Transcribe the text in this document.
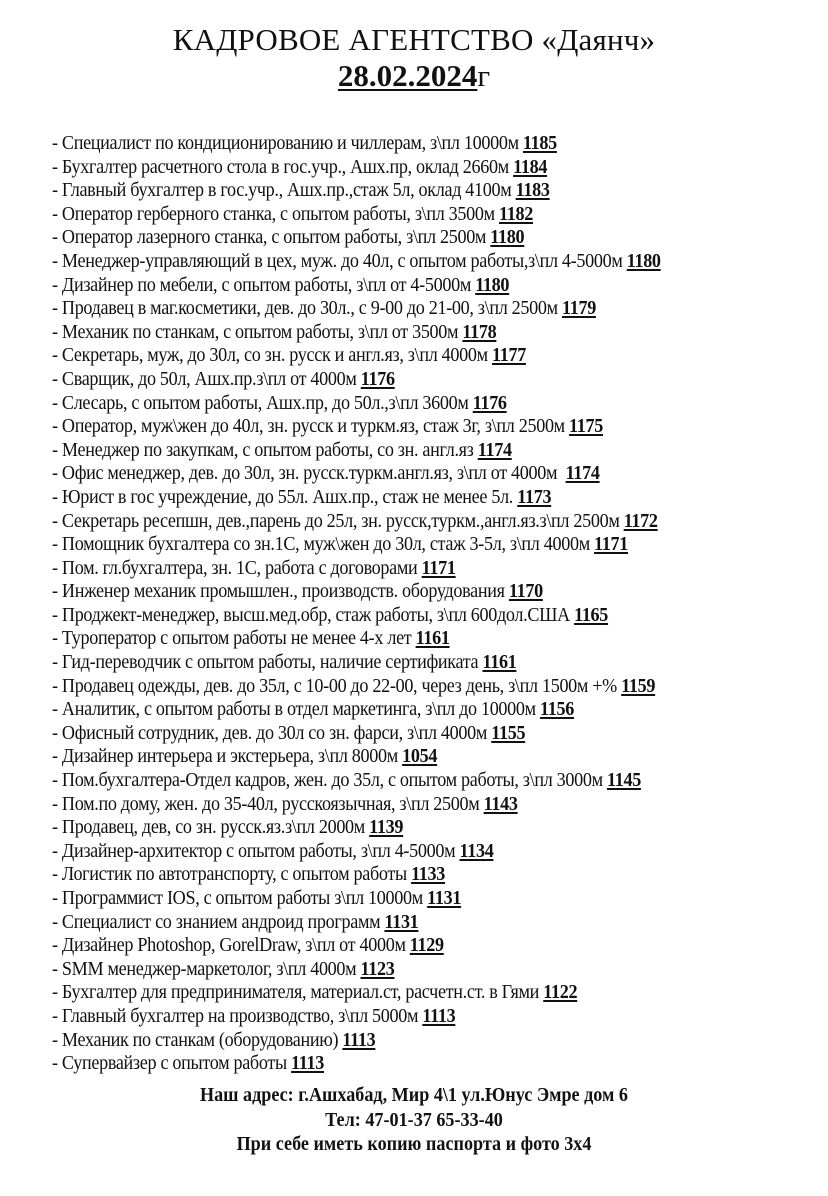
КАДРОВОЕ АГЕНТСТВО «Даянч»
28.02.2024г
- Специалист по кондиционированию и чиллерам, з\пл 10000м 1185
- Бухгалтер расчетного стола в гос.учр., Ашх.пр, оклад 2660м 1184
- Главный бухгалтер в гос.учр., Ашх.пр.,стаж 5л, оклад 4100м 1183
- Оператор герберного станка, с опытом работы, з\пл 3500м 1182
- Оператор лазерного станка, с опытом работы, з\пл 2500м 1180
- Менеджер-управляющий в цех, муж. до 40л, с опытом работы,з\пл 4-5000м 1180
- Дизайнер по мебели, с опытом работы, з\пл от 4-5000м 1180
- Продавец в маг.косметики, дев. до 30л., с 9-00 до 21-00, з\пл 2500м 1179
- Механик по станкам, с опытом работы, з\пл от 3500м 1178
- Секретарь, муж, до 30л, со зн. русск и англ.яз, з\пл 4000м 1177
- Сварщик, до 50л, Ашх.пр.з\пл от 4000м 1176
- Слесарь, с опытом работы, Ашх.пр, до 50л.,з\пл 3600м 1176
- Оператор, муж\жен до 40л, зн. русск и туркм.яз, стаж 3г, з\пл 2500м 1175
- Менеджер по закупкам, с опытом работы, со зн. англ.яз 1174
- Офис менеджер, дев. до 30л, зн. русск.туркм.англ.яз, з\пл от 4000м  1174
- Юрист в гос учреждение, до 55л. Ашх.пр., стаж не менее 5л. 1173
- Секретарь ресепшн, дев.,парень до 25л, зн. русск,туркм.,англ.яз.з\пл 2500м 1172
- Помощник бухгалтера со зн.1С, муж\жен до 30л, стаж 3-5л, з\пл 4000м 1171
- Пом. гл.бухгалтера, зн. 1С, работа с договорами 1171
- Инженер механик промышлен., производств. оборудования 1170
- Проджект-менеджер, высш.мед.обр, стаж работы, з\пл 600дол.США 1165
- Туроператор с опытом работы не менее 4-х лет 1161
- Гид-переводчик с опытом работы, наличие сертификата 1161
- Продавец одежды, дев. до 35л, с 10-00 до 22-00, через день, з\пл 1500м +% 1159
- Аналитик, с опытом работы в отдел маркетинга, з\пл до 10000м 1156
- Офисный сотрудник, дев. до 30л со зн. фарси, з\пл 4000м 1155
- Дизайнер интерьера и экстерьера, з\пл 8000м 1054
- Пом.бухгалтера-Отдел кадров, жен. до 35л, с опытом работы, з\пл 3000м 1145
- Пом.по дому, жен. до 35-40л, русскоязычная, з\пл 2500м 1143
- Продавец, дев, со зн. русск.яз.з\пл 2000м 1139
- Дизайнер-архитектор с опытом работы, з\пл 4-5000м 1134
- Логистик по автотранспорту, с опытом работы 1133
- Программист IOS, с опытом работы з\пл 10000м 1131
- Специалист со знанием андроид программ 1131
- Дизайнер Photoshop, GorelDraw, з\пл от 4000м 1129
- SMM менеджер-маркетолог, з\пл 4000м 1123
- Бухгалтер для предпринимателя, материал.ст, расчетн.ст. в Гями 1122
- Главный бухгалтер на производство, з\пл 5000м 1113
- Механик по станкам (оборудованию) 1113
- Супервайзер с опытом работы 1113
Наш адрес: г.Ашхабад, Мир 4\1 ул.Юнус Эмре дом 6
Тел: 47-01-37 65-33-40
При себе иметь копию паспорта и фото 3x4
